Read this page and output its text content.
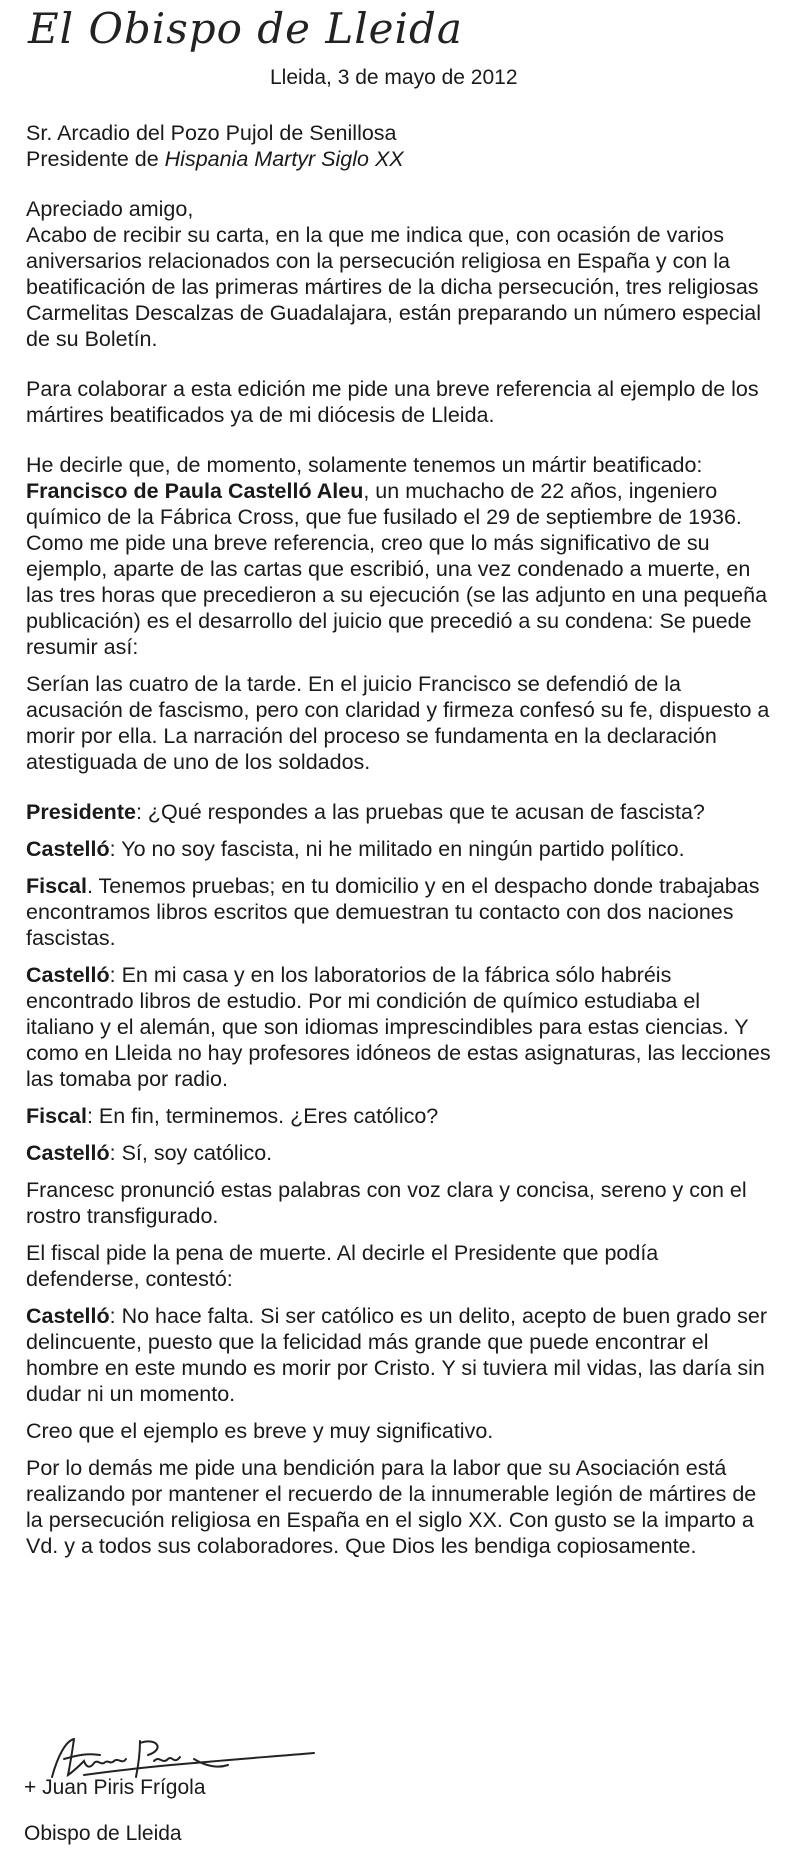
El Obispo de Lleida
Lleida, 3 de mayo de 2012

Sr. Arcadio del Pozo Pujol de Senillosa
Presidente de Hispania Martyr Siglo XX

Apreciado amigo,

Acabo de recibir su carta, en la que me indica que, con ocasión de varios aniversarios relacionados con la persecución religiosa en España y con la beatificación de las primeras mártires de la dicha persecución, tres religiosas Carmelitas Descalzas de Guadalajara, están preparando un número especial de su Boletín.

Para colaborar a esta edición me pide una breve referencia al ejemplo de los mártires beatificados ya de mi diócesis de Lleida.

He decirle que, de momento, solamente tenemos un mártir beatificado: Francisco de Paula Castelló Aleu, un muchacho de 22 años, ingeniero químico de la Fábrica Cross, que fue fusilado el 29 de septiembre de 1936. Como me pide una breve referencia, creo que lo más significativo de su ejemplo, aparte de las cartas que escribió, una vez condenado a muerte, en las tres horas que precedieron a su ejecución (se las adjunto en una pequeña publicación) es el desarrollo del juicio que precedió a su condena: Se puede resumir así:

Serían las cuatro de la tarde. En el juicio Francisco se defendió de la acusación de fascismo, pero con claridad y firmeza confesó su fe, dispuesto a morir por ella. La narración del proceso se fundamenta en la declaración atestiguada de uno de los soldados.

Presidente: ¿Qué respondes a las pruebas que te acusan de fascista?

Castelló: Yo no soy fascista, ni he militado en ningún partido político.

Fiscal. Tenemos pruebas; en tu domicilio y en el despacho donde trabajabas encontramos libros escritos que demuestran tu contacto con dos naciones fascistas.

Castelló: En mi casa y en los laboratorios de la fábrica sólo habréis encontrado libros de estudio. Por mi condición de químico estudiaba el italiano y el alemán, que son idiomas imprescindibles para estas ciencias. Y como en Lleida no hay profesores idóneos de estas asignaturas, las lecciones las tomaba por radio.

Fiscal: En fin, terminemos. ¿Eres católico?

Castelló: Sí, soy católico.

Francesc pronunció estas palabras con voz clara y concisa, sereno y con el rostro transfigurado.

El fiscal pide la pena de muerte. Al decirle el Presidente que podía defenderse, contestó:

Castelló: No hace falta. Si ser católico es un delito, acepto de buen grado ser delincuente, puesto que la felicidad más grande que puede encontrar el hombre en este mundo es morir por Cristo. Y si tuviera mil vidas, las daría sin dudar ni un momento.

Creo que el ejemplo es breve y muy significativo.

Por lo demás me pide una bendición para la labor que su Asociación está realizando por mantener el recuerdo de la innumerable legión de mártires de la persecución religiosa en España en el siglo XX. Con gusto se la imparto a Vd. y a todos sus colaboradores. Que Dios les bendiga copiosamente.

+ Juan Piris Frígola
Obispo de Lleida
